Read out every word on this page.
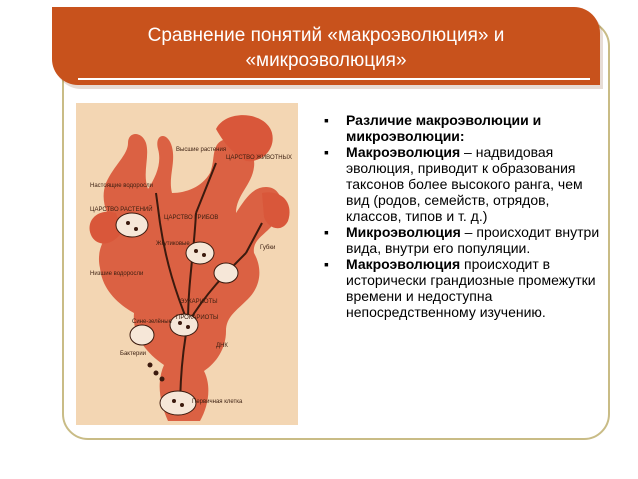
Сравнение понятий «макроэволюция» и
«микроэволюция»
Высшие растения
ЦАРСТВО ЖИВОТНЫХ
Настоящие водоросли
ЦАРСТВО РАСТЕНИЙ
ЦАРСТВО ГРИБОВ
Жгутиковые
Губки
Низшие водоросли
ЭУКАРИОТЫ
ПРОКАРИОТЫ
Сине-зелёные
Бактерии
ДНК
Первичная клетка
▪ Различие макроэволюции и микроэволюции:
▪ Макроэволюция – надвидовая эволюция, приводит к образования таксонов более высокого ранга, чем вид (родов, семейств, отрядов, классов, типов и т. д.)
▪ Микроэволюция – происходит внутри вида, внутри его популяции.
▪ Макроэволюция происходит в исторически грандиозные промежутки времени и недоступна непосредственному изучению.
